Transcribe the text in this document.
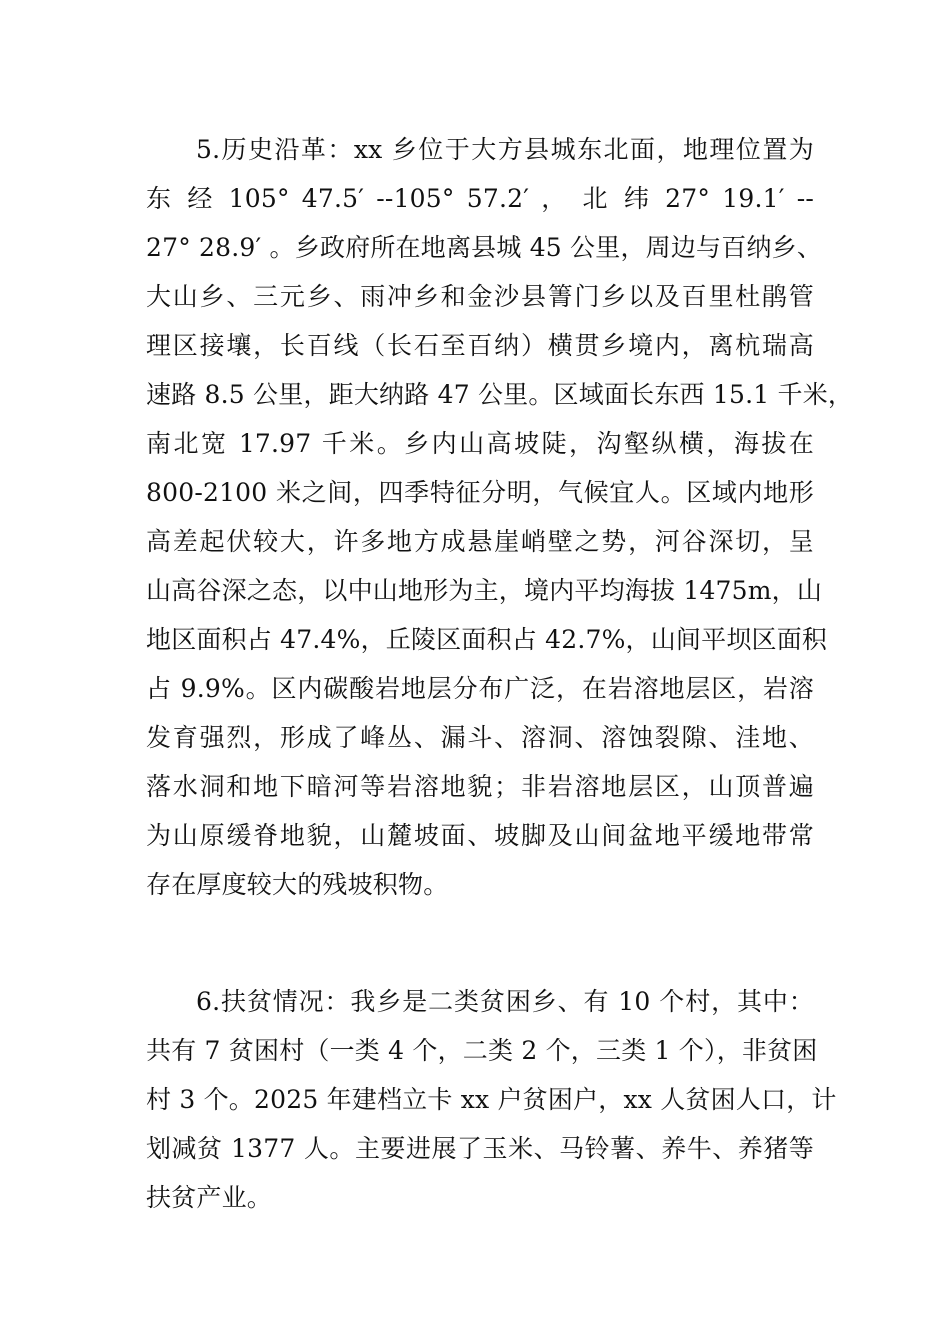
5.历史沿革：xx 乡位于大方县城东北面，地理位置为
东 经 105° 47.5′ --105° 57.2′ ， 北 纬 27° 19.1′ --
27° 28.9′ 。乡政府所在地离县城 45 公里，周边与百纳乡、
大山乡、三元乡、雨冲乡和金沙县箐门乡以及百里杜鹃管
理区接壤，长百线（长石至百纳）横贯乡境内，离杭瑞高
速路 8.5 公里，距大纳路 47 公里。区域面长东西 15.1 千米，
南北宽 17.97 千米。乡内山高坡陡，沟壑纵横，海拔在
800-2100 米之间，四季特征分明，气候宜人。区域内地形
高差起伏较大，许多地方成悬崖峭壁之势，河谷深切，呈
山高谷深之态，以中山地形为主，境内平均海拔 1475m，山
地区面积占 47.4%，丘陵区面积占 42.7%，山间平坝区面积
占 9.9%。区内碳酸岩地层分布广泛，在岩溶地层区，岩溶
发育强烈，形成了峰丛、漏斗、溶洞、溶蚀裂隙、洼地、
落水洞和地下暗河等岩溶地貌；非岩溶地层区，山顶普遍
为山原缓脊地貌，山麓坡面、坡脚及山间盆地平缓地带常
存在厚度较大的残坡积物。
6.扶贫情况：我乡是二类贫困乡、有 10 个村，其中：
共有 7 贫困村（一类 4 个，二类 2 个，三类 1 个），非贫困
村 3 个。2025 年建档立卡 xx 户贫困户，xx 人贫困人口，计
划减贫 1377 人。主要进展了玉米、马铃薯、养牛、养猪等
扶贫产业。
